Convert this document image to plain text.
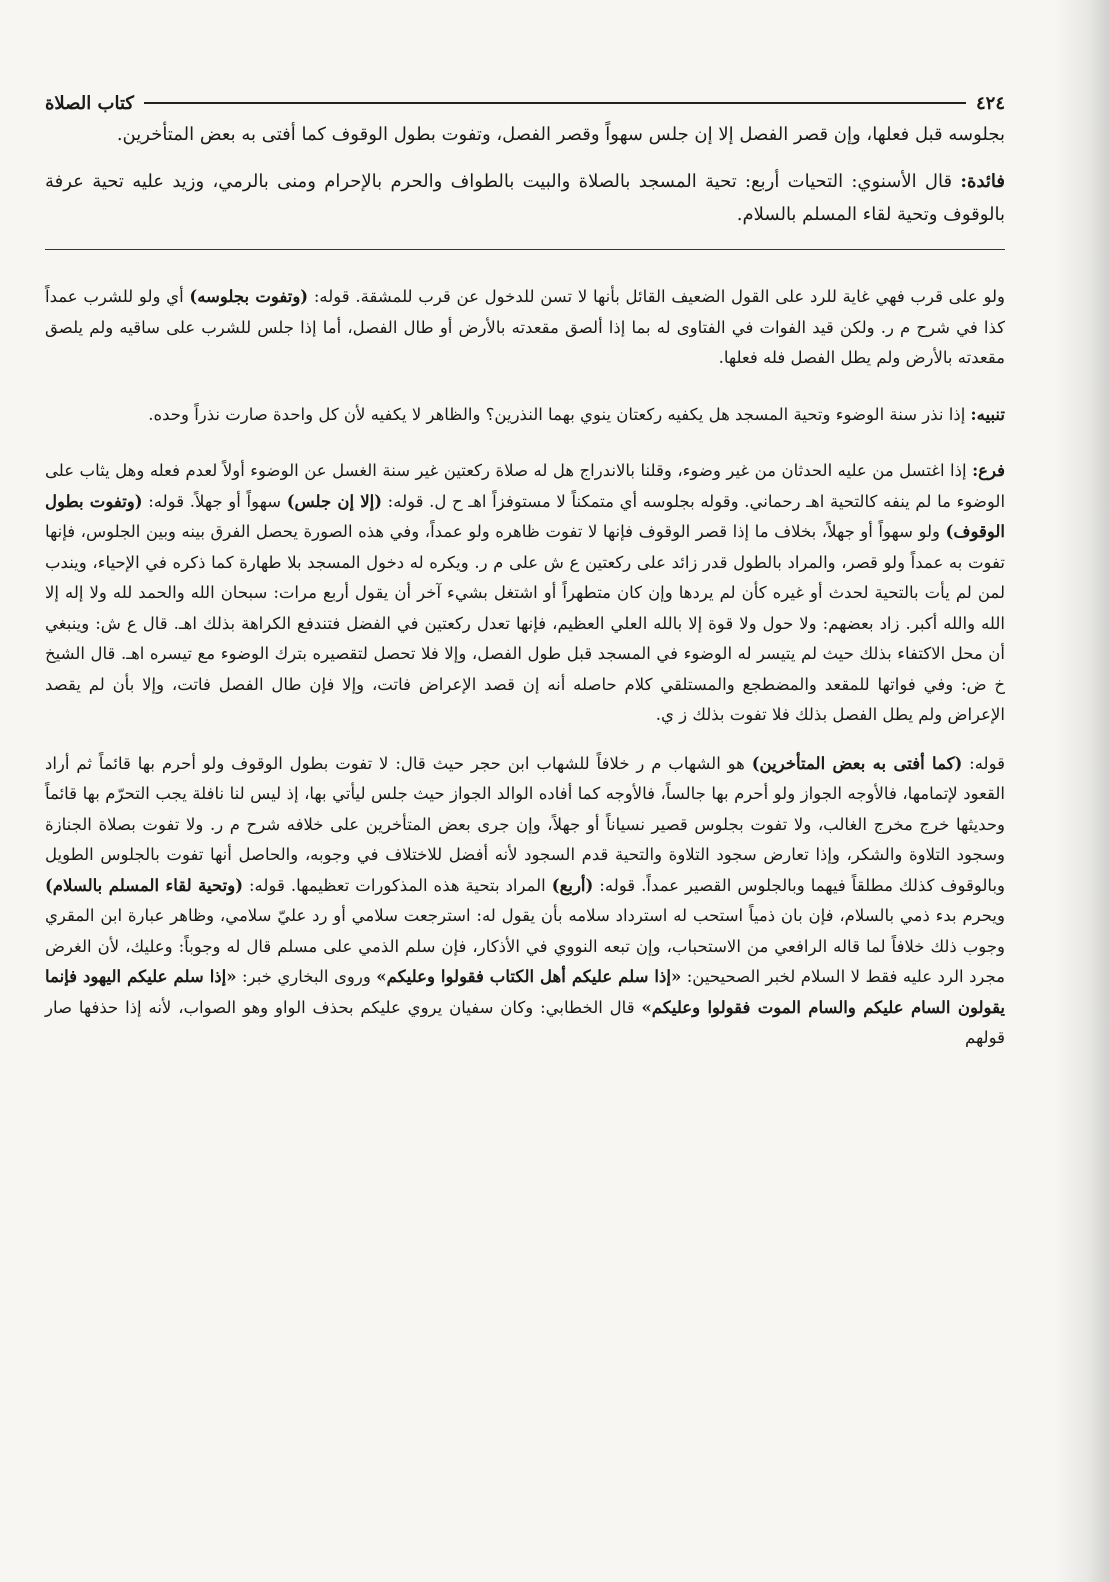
٤٢٤
كتاب الصلاة

بجلوسه قبل فعلها، وإن قصر الفصل إلا إن جلس سهواً وقصر الفصل، وتفوت بطول الوقوف كما أفتى به بعض المتأخرين.

فائدة: قال الأسنوي: التحيات أربع: تحية المسجد بالصلاة والبيت بالطواف والحرم بالإحرام ومنى بالرمي، وزيد عليه تحية عرفة بالوقوف وتحية لقاء المسلم بالسلام.

ولو على قرب فهي غاية للرد على القول الضعيف القائل بأنها لا تسن للدخول عن قرب للمشقة. قوله: (وتفوت بجلوسه) أي ولو للشرب عمداً كذا في شرح م ر. ولكن قيد الفوات في الفتاوى له بما إذا ألصق مقعدته بالأرض أو طال الفصل، أما إذا جلس للشرب على ساقيه ولم يلصق مقعدته بالأرض ولم يطل الفصل فله فعلها.

تنبيه: إذا نذر سنة الوضوء وتحية المسجد هل يكفيه ركعتان ينوي بهما النذرين؟ والظاهر لا يكفيه لأن كل واحدة صارت نذراً وحده.

فرع: إذا اغتسل من عليه الحدثان من غير وضوء، وقلنا بالاندراج هل له صلاة ركعتين غير سنة الغسل عن الوضوء أولاً لعدم فعله وهل يثاب على الوضوء ما لم ينفه كالتحية اهـ رحماني. وقوله بجلوسه أي متمكناً لا مستوفزاً اهـ ح ل. قوله: (إلا إن جلس) سهواً أو جهلاً. قوله: (وتفوت بطول الوقوف) ولو سهواً أو جهلاً، بخلاف ما إذا قصر الوقوف فإنها لا تفوت ظاهره ولو عمداً، وفي هذه الصورة يحصل الفرق بينه وبين الجلوس، فإنها تفوت به عمداً ولو قصر، والمراد بالطول قدر زائد على ركعتين ع ش على م ر. ويكره له دخول المسجد بلا طهارة كما ذكره في الإحياء، ويندب لمن لم يأت بالتحية لحدث أو غيره كأن لم يردها وإن كان متطهراً أو اشتغل بشيء آخر أن يقول أربع مرات: سبحان الله والحمد لله ولا إله إلا الله والله أكبر. زاد بعضهم: ولا حول ولا قوة إلا بالله العلي العظيم، فإنها تعدل ركعتين في الفضل فتندفع الكراهة بذلك اهـ. قال ع ش: وينبغي أن محل الاكتفاء بذلك حيث لم يتيسر له الوضوء في المسجد قبل طول الفصل، وإلا فلا تحصل لتقصيره بترك الوضوء مع تيسره اهـ. قال الشيخ خ ض: وفي فواتها للمقعد والمضطجع والمستلقي كلام حاصله أنه إن قصد الإعراض فاتت، وإلا فإن طال الفصل فاتت، وإلا بأن لم يقصد الإعراض ولم يطل الفصل بذلك فلا تفوت بذلك ز ي.

قوله: (كما أفتى به بعض المتأخرين) هو الشهاب م ر خلافاً للشهاب ابن حجر حيث قال: لا تفوت بطول الوقوف ولو أحرم بها قائماً ثم أراد القعود لإتمامها، فالأوجه الجواز ولو أحرم بها جالساً، فالأوجه كما أفاده الوالد الجواز حيث جلس ليأتي بها، إذ ليس لنا نافلة يجب التحرّم بها قائماً وحديثها خرج مخرج الغالب، ولا تفوت بجلوس قصير نسياناً أو جهلاً، وإن جرى بعض المتأخرين على خلافه شرح م ر. ولا تفوت بصلاة الجنازة وسجود التلاوة والشكر، وإذا تعارض سجود التلاوة والتحية قدم السجود لأنه أفضل للاختلاف في وجوبه، والحاصل أنها تفوت بالجلوس الطويل وبالوقوف كذلك مطلقاً فيهما وبالجلوس القصير عمداً. قوله: (أربع) المراد بتحية هذه المذكورات تعظيمها. قوله: (وتحية لقاء المسلم بالسلام) ويحرم بدء ذمي بالسلام، فإن بان ذمياً استحب له استرداد سلامه بأن يقول له: استرجعت سلامي أو رد عليّ سلامي، وظاهر عبارة ابن المقري وجوب ذلك خلافاً لما قاله الرافعي من الاستحباب، وإن تبعه النووي في الأذكار، فإن سلم الذمي على مسلم قال له وجوباً: وعليك، لأن الغرض مجرد الرد عليه فقط لا السلام لخبر الصحيحين: «إذا سلم عليكم أهل الكتاب فقولوا وعليكم» وروى البخاري خبر: «إذا سلم عليكم اليهود فإنما يقولون السام عليكم والسام الموت فقولوا وعليكم» قال الخطابي: وكان سفيان يروي عليكم بحذف الواو وهو الصواب، لأنه إذا حذفها صار قولهم
